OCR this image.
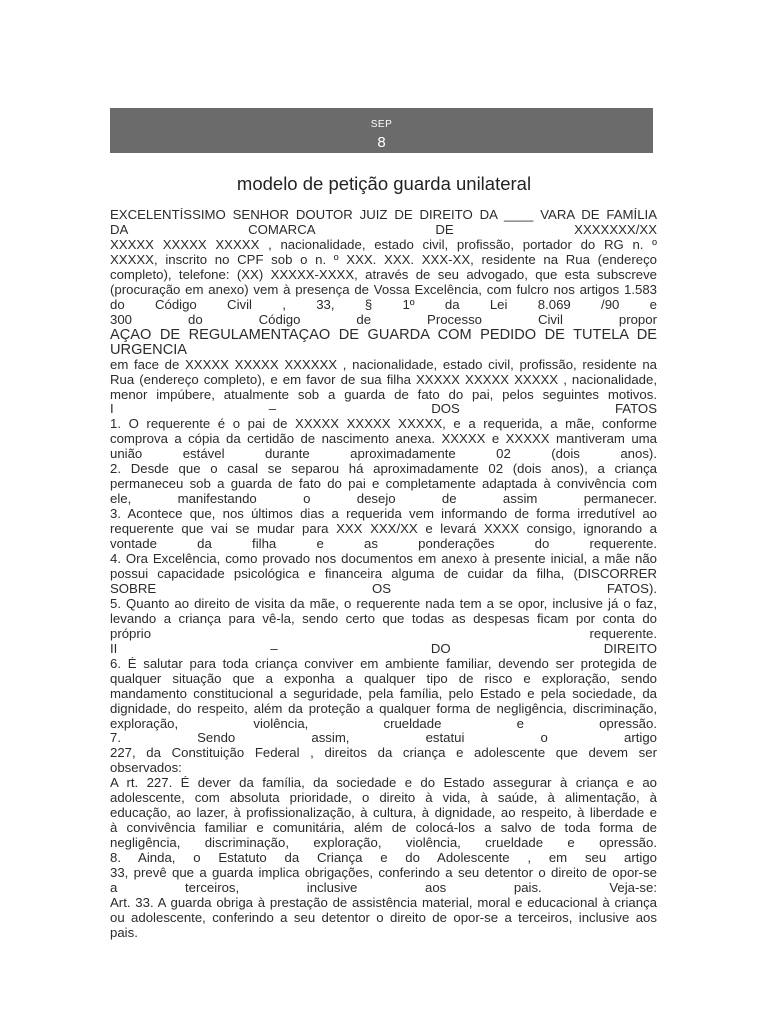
SEP
8
modelo de petição guarda unilateral
EXCELENTÍSSIMO SENHOR DOUTOR JUIZ DE DIREITO DA ____ VARA DE FAMÍLIA
DA COMARCA DE XXXXXXX/XX
XXXXX XXXXX XXXXX , nacionalidade, estado civil, profissão, portador do RG n. º
XXXXX, inscrito no CPF sob o n. º XXX. XXX. XXX-XX, residente na Rua (endereço
completo), telefone: (XX) XXXXX-XXXX, através de seu advogado, que esta subscreve
(procuração em anexo) vem à presença de Vossa Excelência, com fulcro nos artigos 1.583
do Código Civil , 33, § 1º da Lei 8.069 /90 e
300 do Código de Processo Civil propor
AÇÃO DE REGULAMENTAÇÃO DE GUARDA COM PEDIDO DE TUTELA DE
URGÊNCIA
em face de XXXXX XXXXX XXXXXX , nacionalidade, estado civil, profissão, residente na
Rua (endereço completo), e em favor de sua filha XXXXX XXXXX XXXXX , nacionalidade,
menor impúbere, atualmente sob a guarda de fato do pai, pelos seguintes motivos.
I – DOS FATOS
1. O requerente é o pai de XXXXX XXXXX XXXXX, e a requerida, a mãe, conforme
comprova a cópia da certidão de nascimento anexa. XXXXX e XXXXX mantiveram uma
união estável durante aproximadamente 02 (dois anos).
2. Desde que o casal se separou há aproximadamente 02 (dois anos), a criança
permaneceu sob a guarda de fato do pai e completamente adaptada à convivência com
ele, manifestando o desejo de assim permanecer.
3. Acontece que, nos últimos dias a requerida vem informando de forma irredutível ao
requerente que vai se mudar para XXX XXX/XX e levará XXXX consigo, ignorando a
vontade da filha e as ponderações do requerente.
4. Ora Excelência, como provado nos documentos em anexo à presente inicial, a mãe não
possui capacidade psicológica e financeira alguma de cuidar da filha, (DISCORRER
SOBRE OS FATOS).
5. Quanto ao direito de visita da mãe, o requerente nada tem a se opor, inclusive já o faz,
levando a criança para vê-la, sendo certo que todas as despesas ficam por conta do
próprio requerente.
II – DO DIREITO
6. É salutar para toda criança conviver em ambiente familiar, devendo ser protegida de
qualquer situação que a exponha a qualquer tipo de risco e exploração, sendo
mandamento constitucional a seguridade, pela família, pelo Estado e pela sociedade, da
dignidade, do respeito, além da proteção a qualquer forma de negligência, discriminação,
exploração, violência, crueldade e opressão.
7. Sendo assim, estatui o artigo
227, da Constituição Federal , direitos da criança e adolescente que devem ser
observados:
A rt. 227. É dever da família, da sociedade e do Estado assegurar à criança e ao
adolescente, com absoluta prioridade, o direito à vida, à saúde, à alimentação, à
educação, ao lazer, à profissionalização, à cultura, à dignidade, ao respeito, à liberdade e
à convivência familiar e comunitária, além de colocá-los a salvo de toda forma de
negligência, discriminação, exploração, violência, crueldade e opressão.
8. Ainda, o Estatuto da Criança e do Adolescente , em seu artigo
33, prevê que a guarda implica obrigações, conferindo a seu detentor o direito de opor-se
a terceiros, inclusive aos pais. Veja-se:
Art. 33. A guarda obriga à prestação de assistência material, moral e educacional à criança
ou adolescente, conferindo a seu detentor o direito de opor-se a terceiros, inclusive aos
pais.
